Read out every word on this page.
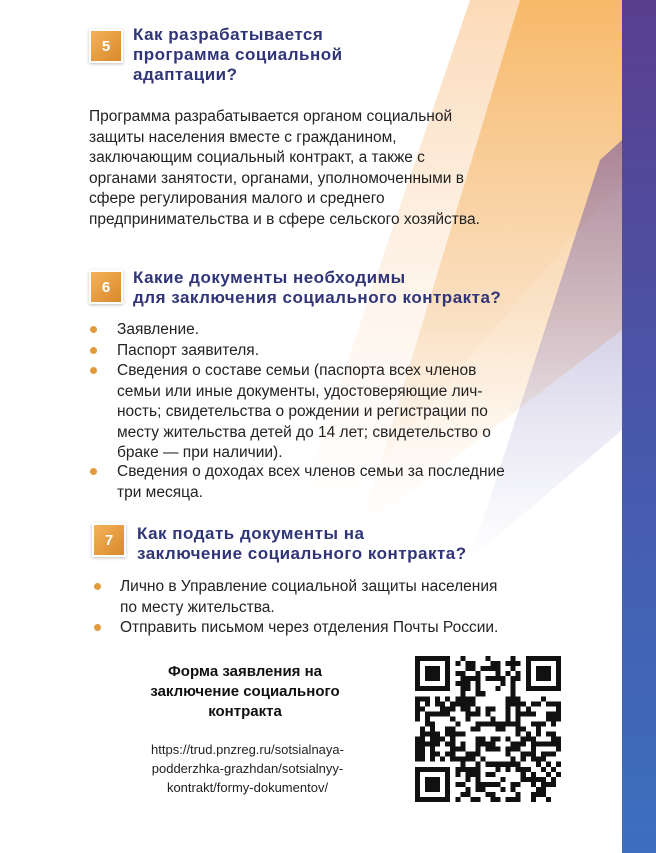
5
Как разрабатывается
программа социальной
адаптации?
Программа разрабатывается органом социальной
защиты населения вместе с гражданином,
заключающим социальный контракт, а также с
органами занятости, органами, уполномоченными в
сфере регулирования малого и среднего
предпринимательства и в сфере сельского хозяйства.
6	Какие документы необходимы
для заключения социального контракта?
Заявление.
Паспорт заявителя.
Сведения о составе семьи (паспорта всех членов
семьи или иные документы, удостоверяющие лич-
ность; свидетельства о рождении и регистрации по
месту жительства детей до 14 лет; свидетельство о
браке — при наличии).
Сведения о доходах всех членов семьи за последние
три месяца.
7	Как подать документы на
заключение социального контракта?
Лично в Управление социальной защиты населения
по месту жительства.
Отправить письмом через отделения Почты России.
Форма заявления на
заключение социального
контракта
https://trud.pnzreg.ru/sotsialnaya-
podderzhka-grazhdan/sotsialnyy-
kontrakt/formy-dokumentov/
